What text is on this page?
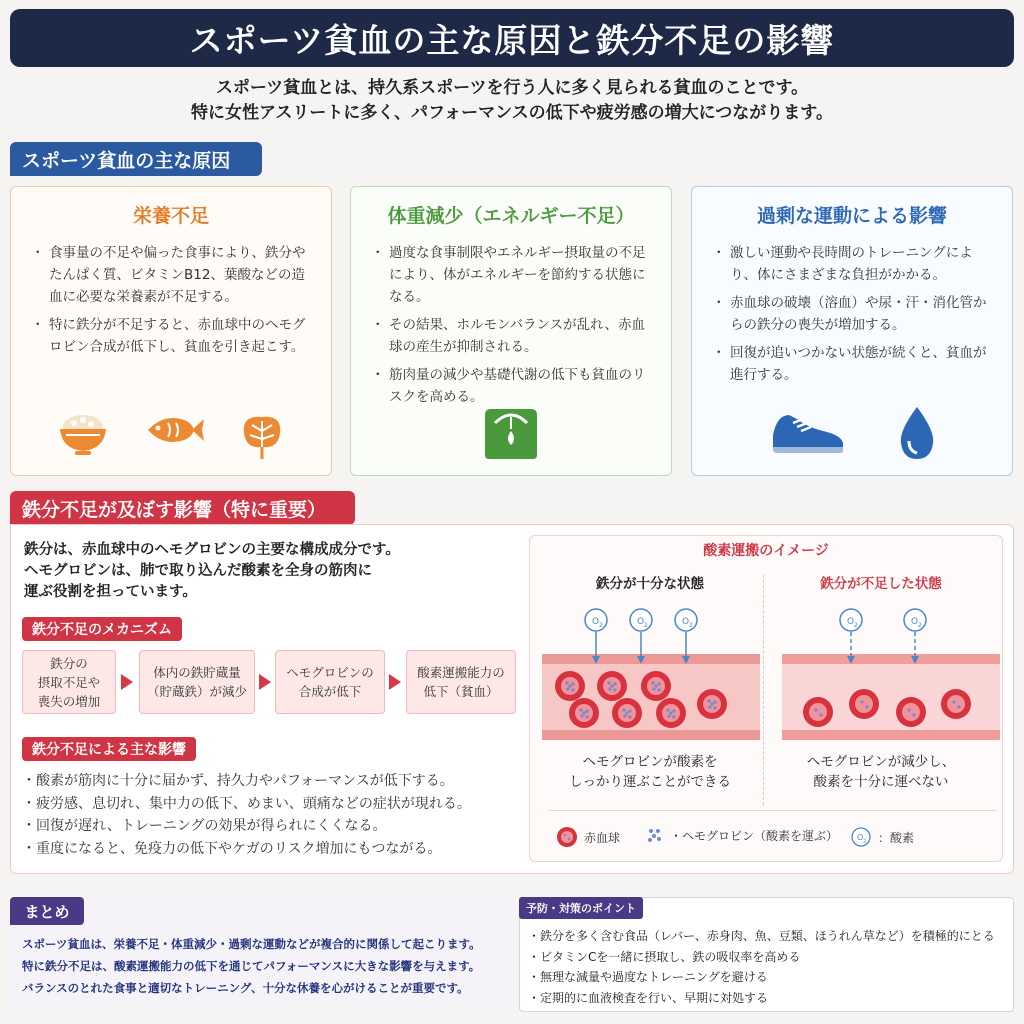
スポーツ貧血の主な原因と鉄分不足の影響
スポーツ貧血とは、持久系スポーツを行う人に多く見られる貧血のことです。
特に女性アスリートに多く、パフォーマンスの低下や疲労感の増大につながります。
スポーツ貧血の主な原因
栄養不足
・ 食事量の不足や偏った食事により、鉄分やたんぱく質、ビタミンB12、葉酸などの造血に必要な栄養素が不足する。
・ 特に鉄分が不足すると、赤血球中のヘモグロビン合成が低下し、貧血を引き起こす。
体重減少（エネルギー不足）
・ 過度な食事制限やエネルギー摂取量の不足により、体がエネルギーを節約する状態になる。
・ その結果、ホルモンバランスが乱れ、赤血球の産生が抑制される。
・ 筋肉量の減少や基礎代謝の低下も貧血のリスクを高める。
過剰な運動による影響
・ 激しい運動や長時間のトレーニングにより、体にさまざまな負担がかかる。
・ 赤血球の破壊（溶血）や尿・汗・消化管からの鉄分の喪失が増加する。
・ 回復が追いつかない状態が続くと、貧血が進行する。
鉄分不足が及ぼす影響（特に重要）
鉄分は、赤血球中のヘモグロビンの主要な構成成分です。
ヘモグロビンは、肺で取り込んだ酸素を全身の筋肉に
運ぶ役割を担っています。
鉄分不足のメカニズム
鉄分の
摂取不足や
喪失の増加
体内の鉄貯蔵量
（貯蔵鉄）が減少
ヘモグロビンの
合成が低下
酸素運搬能力の
低下（貧血）
鉄分不足による主な影響
・ 酸素が筋肉に十分に届かず、持久力やパフォーマンスが低下する。
・ 疲労感、息切れ、集中力の低下、めまい、頭痛などの症状が現れる。
・ 回復が遅れ、トレーニングの効果が得られにくくなる。
・ 重度になると、免疫力の低下やケガのリスク増加にもつながる。
酸素運搬のイメージ
鉄分が十分な状態	鉄分が不足した状態
O 2
ヘモグロビンが酸素を
しっかり運ぶことができる
ヘモグロビンが減少し、
酸素を十分に運べない
赤血球	・ヘモグロビン（酸素を運ぶ） O 2 ：酸素
まとめ
スポーツ貧血は、栄養不足・体重減少・過剰な運動などが複合的に関係して起こります。
特に鉄分不足は、酸素運搬能力の低下を通じてパフォーマンスに大きな影響を与えます。
バランスのとれた食事と適切なトレーニング、十分な休養を心がけることが重要です。
予防・対策のポイント
・ 鉄分を多く含む食品（レバー、赤身肉、魚、豆類、ほうれん草など）を積極的にとる
・ ビタミンCを一緒に摂取し、鉄の吸収率を高める
・ 無理な減量や過度なトレーニングを避ける
・ 定期的に血液検査を行い、早期に対処する
